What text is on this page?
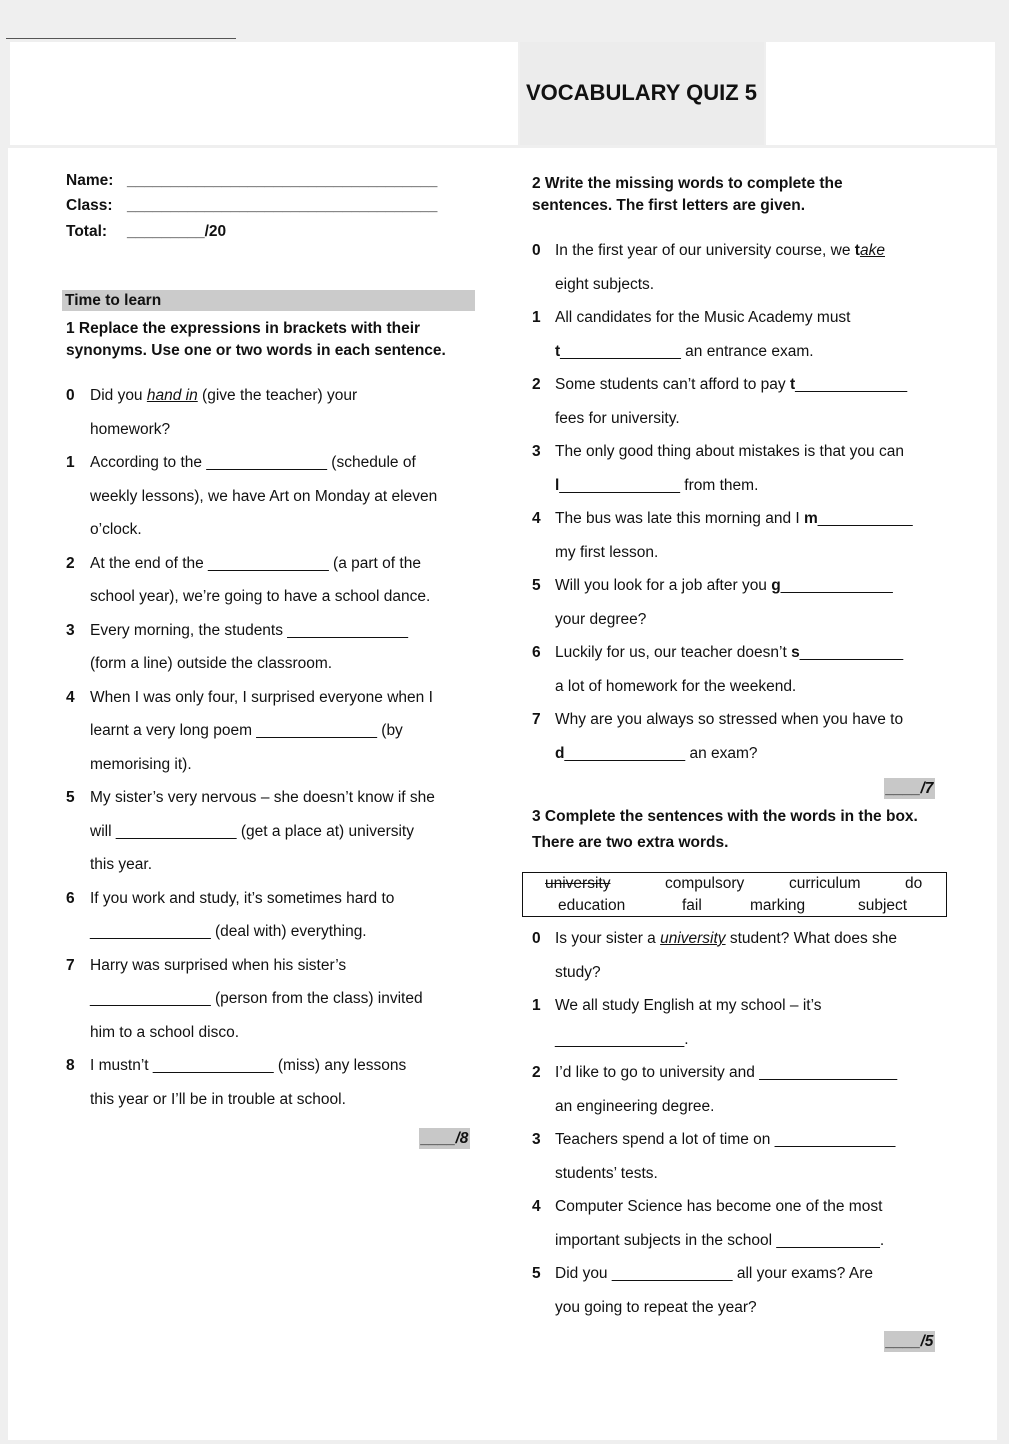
VOCABULARY QUIZ 5
Name: ____________________________________
Class: ____________________________________
Total: _________/20
Time to learn
1 Replace the expressions in brackets with their
synonyms. Use one or two words in each sentence.
0 Did you hand in (give the teacher) your
homework?
1 According to the ______________ (schedule of
weekly lessons), we have Art on Monday at eleven
o’clock.
2 At the end of the ______________ (a part of the
school year), we’re going to have a school dance.
3 Every morning, the students ______________
(form a line) outside the classroom.
4 When I was only four, I surprised everyone when I
learnt a very long poem ______________ (by
memorising it).
5 My sister’s very nervous – she doesn’t know if she
will ______________ (get a place at) university
this year.
6 If you work and study, it’s sometimes hard to
______________ (deal with) everything.
7 Harry was surprised when his sister’s
______________ (person from the class) invited
him to a school disco.
8 I mustn’t ______________ (miss) any lessons
this year or I’ll be in trouble at school.
____/8
2 Write the missing words to complete the
sentences. The first letters are given.
0 In the first year of our university course, we take
eight subjects.
1 All candidates for the Music Academy must
t______________ an entrance exam.
2 Some students can’t afford to pay t_____________
fees for university.
3 The only good thing about mistakes is that you can
l______________ from them.
4 The bus was late this morning and I m___________
my first lesson.
5 Will you look for a job after you g_____________
your degree?
6 Luckily for us, our teacher doesn’t s____________
a lot of homework for the weekend.
7 Why are you always so stressed when you have to
d______________ an exam?
____/7
3 Complete the sentences with the words in the box.
There are two extra words.
university	compulsory	curriculum	do
education	fail	marking	subject
0 Is your sister a university student? What does she
study?
1 We all study English at my school – it’s
_______________.
2 I’d like to go to university and ________________
an engineering degree.
3 Teachers spend a lot of time on ______________
students’ tests.
4 Computer Science has become one of the most
important subjects in the school ____________.
5 Did you ______________ all your exams? Are
you going to repeat the year?
____/5
